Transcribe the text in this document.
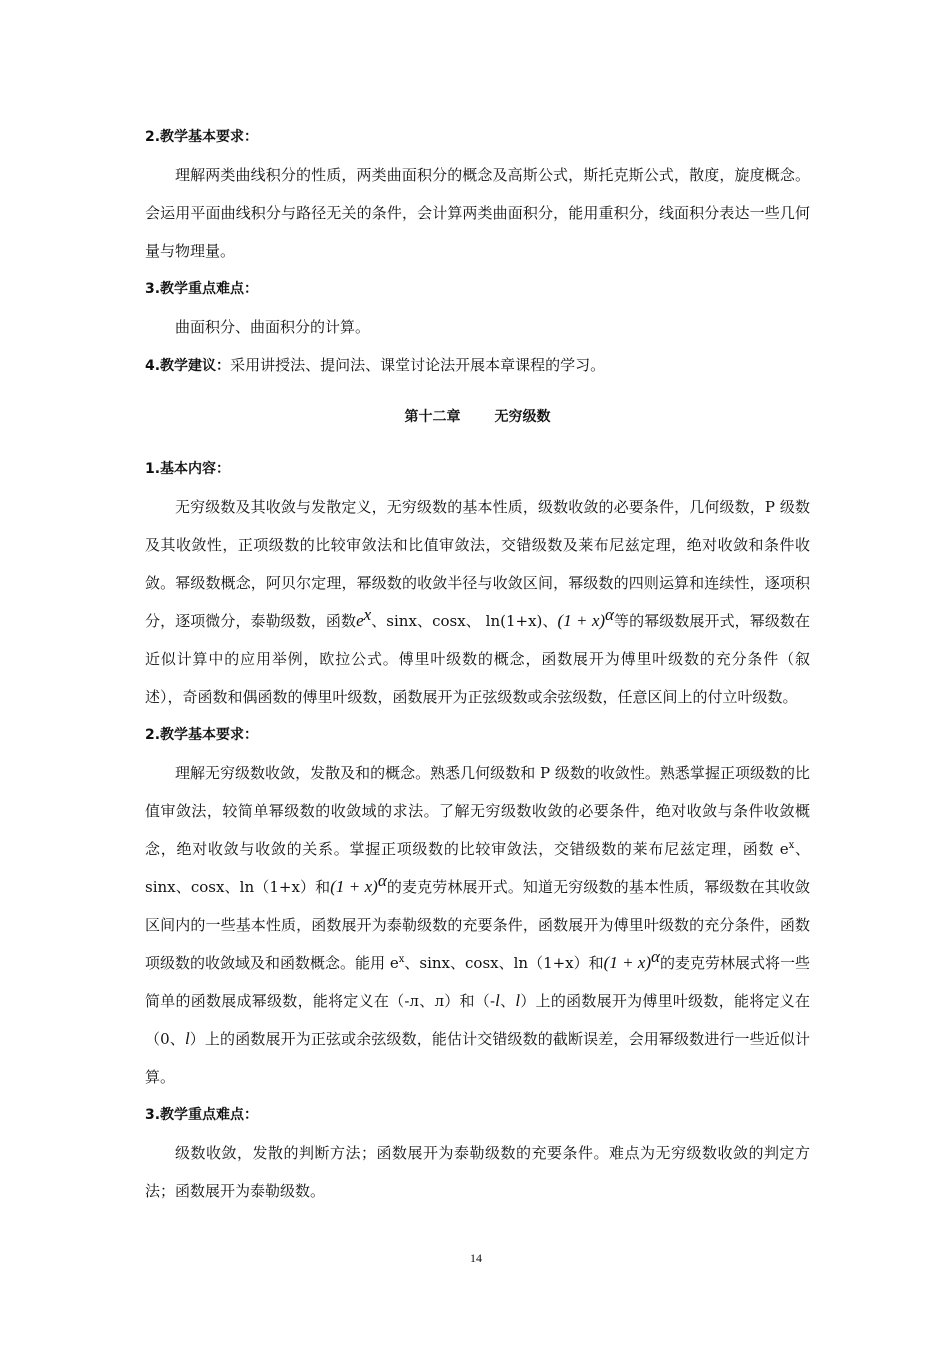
2.教学基本要求：

理解两类曲线积分的性质，两类曲面积分的概念及高斯公式，斯托克斯公式，散度，旋度概念。会运用平面曲线积分与路径无关的条件，会计算两类曲面积分，能用重积分，线面积分表达一些几何量与物理量。

3.教学重点难点：

曲面积分、曲面积分的计算。

4.教学建议：采用讲授法、提问法、课堂讨论法开展本章课程的学习。

第十二章 无穷级数

1.基本内容：

无穷级数及其收敛与发散定义，无穷级数的基本性质，级数收敛的必要条件，几何级数，P 级数及其收敛性，正项级数的比较审敛法和比值审敛法，交错级数及莱布尼兹定理，绝对收敛和条件收敛。幂级数概念，阿贝尔定理，幂级数的收敛半径与收敛区间，幂级数的四则运算和连续性，逐项积分，逐项微分，泰勒级数，函数$e^x$、sinx、cosx、 ln(1+x)、$(1 + x)^\alpha$等的幂级数展开式，幂级数在近似计算中的应用举例，欧拉公式。傅里叶级数的概念，函数展开为傅里叶级数的充分条件（叙述），奇函数和偶函数的傅里叶级数，函数展开为正弦级数或余弦级数，任意区间上的付立叶级数。

2.教学基本要求：

理解无穷级数收敛，发散及和的概念。熟悉几何级数和 P 级数的收敛性。熟悉掌握正项级数的比值审敛法，较简单幂级数的收敛域的求法。了解无穷级数收敛的必要条件，绝对收敛与条件收敛概念，绝对收敛与收敛的关系。掌握正项级数的比较审敛法，交错级数的莱布尼兹定理，函数 $e^x$、sinx、cosx、ln（1+x）和$(1 + x)^\alpha$的麦克劳林展开式。知道无穷级数的基本性质，幂级数在其收敛区间内的一些基本性质，函数展开为泰勒级数的充要条件，函数展开为傅里叶级数的充分条件，函数项级数的收敛域及和函数概念。能用 $e^x$、sinx、cosx、ln（1+x）和$(1 + x)^\alpha$的麦克劳林展式将一些简单的函数展成幂级数，能将定义在（-л、л）和（-l、l）上的函数展开为傅里叶级数，能将定义在（0、l）上的函数展开为正弦或余弦级数，能估计交错级数的截断误差，会用幂级数进行一些近似计算。

3.教学重点难点：

级数收敛，发散的判断方法；函数展开为泰勒级数的充要条件。难点为无穷级数收敛的判定方法；函数展开为泰勒级数。

14
